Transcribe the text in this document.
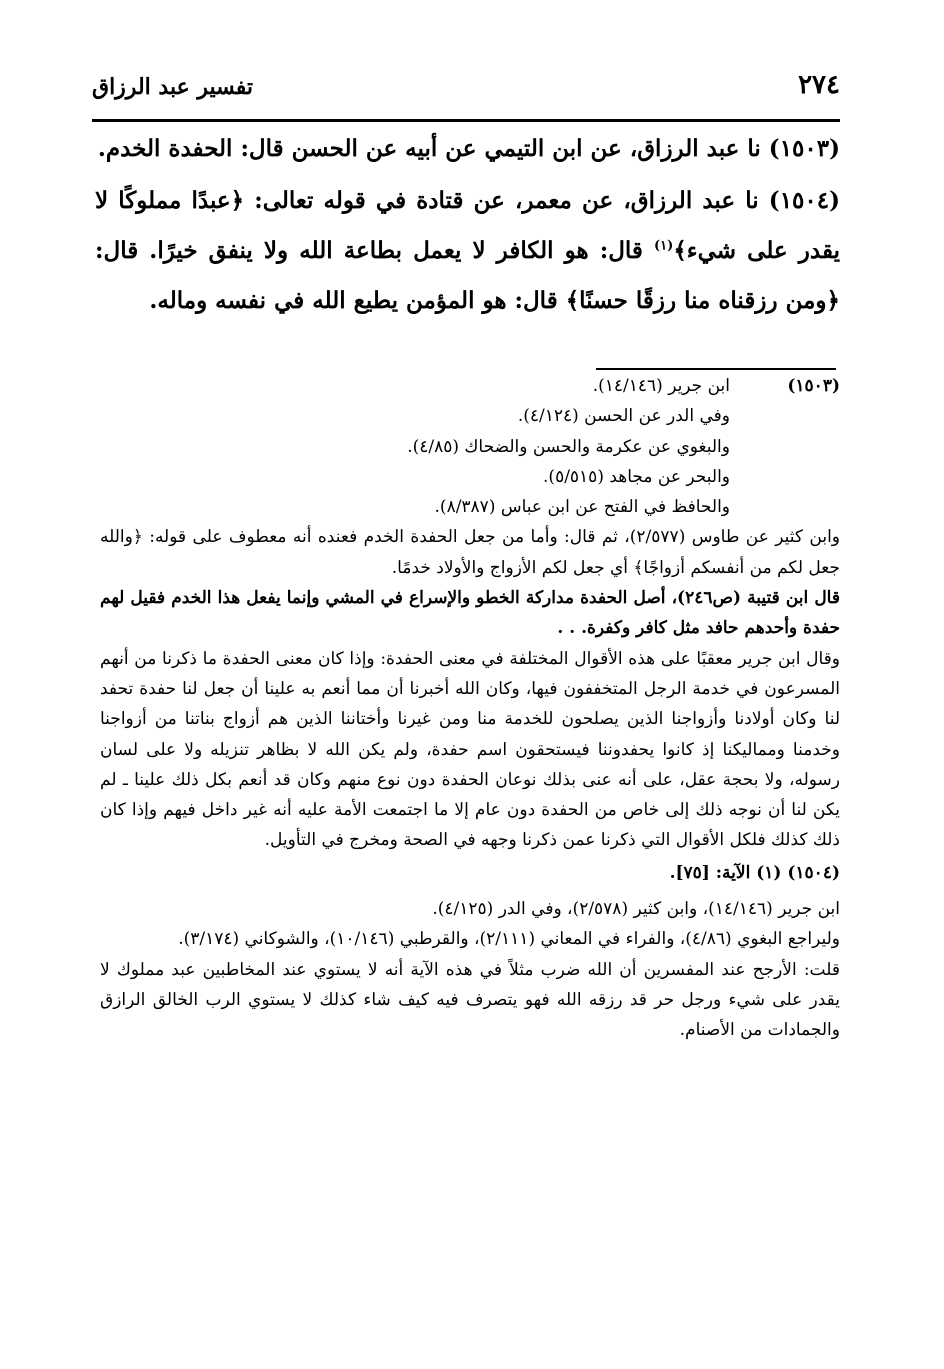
٢٧٤
تفسير عبد الرزاق

(١٥٠٣) نا عبد الرزاق، عن ابن التيمي عن أبيه عن الحسن قال: الحفدة الخدم.

(١٥٠٤) نا عبد الرزاق، عن معمر، عن قتادة في قوله تعالى: ﴿عبدًا مملوكًا لا يقدر على شيء﴾$^{(١)}$ قال: هو الكافر لا يعمل بطاعة الله ولا ينفق خيرًا. قال: ﴿ومن رزقناه منا رزقًا حسنًا﴾ قال: هو المؤمن يطيع الله في نفسه وماله.

(١٥٠٣)

ابن جرير (١٤/١٤٦).

وفي الدر عن الحسن (٤/١٢٤).

والبغوي عن عكرمة والحسن والضحاك (٤/٨٥).

والبحر عن مجاهد (٥/٥١٥).

والحافظ في الفتح عن ابن عباس (٨/٣٨٧).

وابن كثير عن طاوس (٢/٥٧٧)، ثم قال: وأما من جعل الحفدة الخدم فعنده أنه معطوف على قوله: ﴿والله جعل لكم من أنفسكم أزواجًا﴾ أي جعل لكم الأزواج والأولاد خدمًا.

قال ابن قتيبة (ص٢٤٦)، أصل الحفدة مداركة الخطو والإسراع في المشي وإنما يفعل هذا الخدم فقيل لهم حفدة وأحدهم حافد مثل كافر وكفرة. . .

وقال ابن جرير معقبًا على هذه الأقوال المختلفة في معنى الحفدة: وإذا كان معنى الحفدة ما ذكرنا من أنهم المسرعون في خدمة الرجل المتخففون فيها، وكان الله أخبرنا أن مما أنعم به علينا أن جعل لنا حفدة تحفد لنا وكان أولادنا وأزواجنا الذين يصلحون للخدمة منا ومن غيرنا وأختاننا الذين هم أزواج بناتنا من أزواجنا وخدمنا ومماليكنا إذ كانوا يحفدوننا فيستحقون اسم حفدة، ولم يكن الله لا بظاهر تنزيله ولا على لسان رسوله، ولا بحجة عقل، على أنه عنى بذلك نوعان الحفدة دون نوع منهم وكان قد أنعم بكل ذلك علينا ـ لم يكن لنا أن نوجه ذلك إلى خاص من الحفدة دون عام إلا ما اجتمعت الأمة عليه أنه غير داخل فيهم وإذا كان ذلك كذلك فلكل الأقوال التي ذكرنا عمن ذكرنا وجهه في الصحة ومخرج في التأويل.

(١٥٠٤) (١) الآية: [٧٥].

ابن جرير (١٤/١٤٦)، وابن كثير (٢/٥٧٨)، وفي الدر (٤/١٢٥).

وليراجع البغوي (٤/٨٦)، والفراء في المعاني (٢/١١١)، والقرطبي (١٠/١٤٦)، والشوكاني (٣/١٧٤).

قلت: الأرجح عند المفسرين أن الله ضرب مثلاً في هذه الآية أنه لا يستوي عند المخاطبين عبد مملوك لا يقدر على شيء ورجل حر قد رزقه الله فهو يتصرف فيه كيف شاء كذلك لا يستوي الرب الخالق الرازق والجمادات من الأصنام.
